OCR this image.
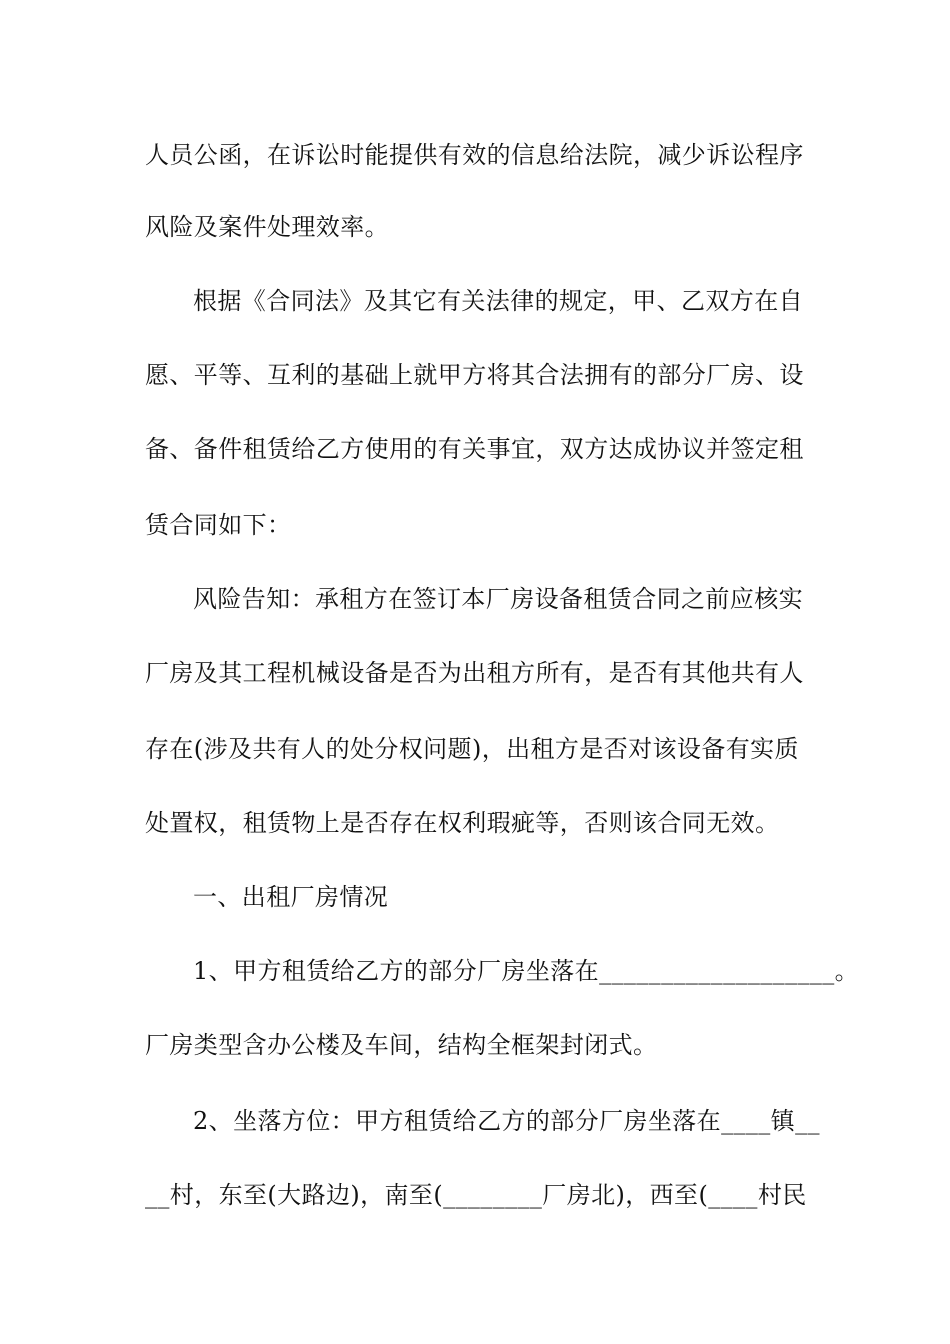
人员公函，在诉讼时能提供有效的信息给法院，减少诉讼程序
风险及案件处理效率。
根据《合同法》及其它有关法律的规定，甲、乙双方在自
愿、平等、互利的基础上就甲方将其合法拥有的部分厂房、设
备、备件租赁给乙方使用的有关事宜，双方达成协议并签定租
赁合同如下：
风险告知：承租方在签订本厂房设备租赁合同之前应核实
厂房及其工程机械设备是否为出租方所有，是否有其他共有人
存在(涉及共有人的处分权问题)，出租方是否对该设备有实质
处置权，租赁物上是否存在权利瑕疵等，否则该合同无效。
一、出租厂房情况
1、甲方租赁给乙方的部分厂房坐落在___________________。
厂房类型含办公楼及车间，结构全框架封闭式。
2、坐落方位：甲方租赁给乙方的部分厂房坐落在____镇__
__村，东至(大路边)，南至(________厂房北)，西至(____村民
